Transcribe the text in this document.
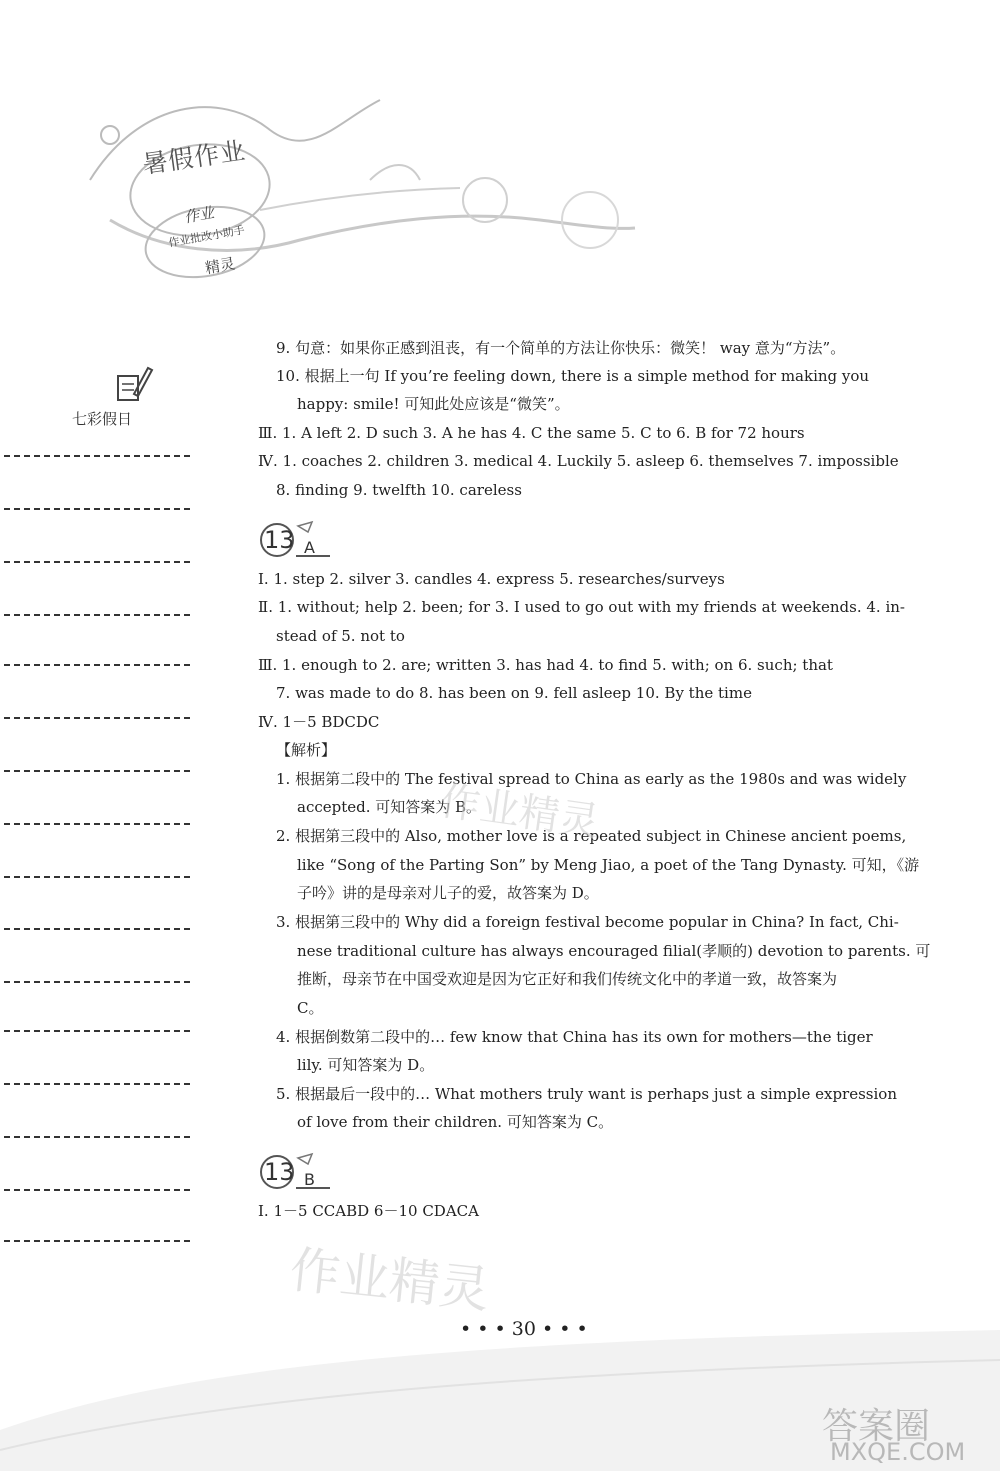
暑假作业
作业
作业批改小助手
精灵
七彩假日
9. 句意：如果你正感到沮丧，有一个简单的方法让你快乐：微笑！ way 意为“方法”。
10. 根据上一句 If you’re feeling down, there is a simple method for making you
happy: smile! 可知此处应该是“微笑”。
Ⅲ. 1. A left 2. D such 3. A he has 4. C the same 5. C to 6. B for 72 hours
Ⅳ. 1. coaches 2. children 3. medical 4. Luckily 5. asleep 6. themselves 7. impossible
8. finding 9. twelfth 10. careless
13 A
Ⅰ. 1. step 2. silver 3. candles 4. express 5. researches/surveys
Ⅱ. 1. without; help 2. been; for 3. I used to go out with my friends at weekends. 4. in-
stead of 5. not to
Ⅲ. 1. enough to 2. are; written 3. has had 4. to find 5. with; on 6. such; that
7. was made to do 8. has been on 9. fell asleep 10. By the time
Ⅳ. 1－5 BDCDC
【解析】
1. 根据第二段中的 The festival spread to China as early as the 1980s and was widely
accepted. 可知答案为 B。
2. 根据第三段中的 Also, mother love is a repeated subject in Chinese ancient poems,
like “Song of the Parting Son” by Meng Jiao, a poet of the Tang Dynasty. 可知，《游
子吟》讲的是母亲对儿子的爱，故答案为 D。
3. 根据第三段中的 Why did a foreign festival become popular in China? In fact, Chi-
nese traditional culture has always encouraged filial(孝顺的) devotion to parents. 可
推断，母亲节在中国受欢迎是因为它正好和我们传统文化中的孝道一致，故答案为
C。
4. 根据倒数第二段中的… few know that China has its own for mothers—the tiger
lily. 可知答案为 D。
5. 根据最后一段中的… What mothers truly want is perhaps just a simple expression
of love from their children. 可知答案为 C。
13 B
Ⅰ. 1－5 CCABD 6－10 CDACA
作业精灵
作业精灵
• • • 30 • • •
答案圈
MXQE.COM
